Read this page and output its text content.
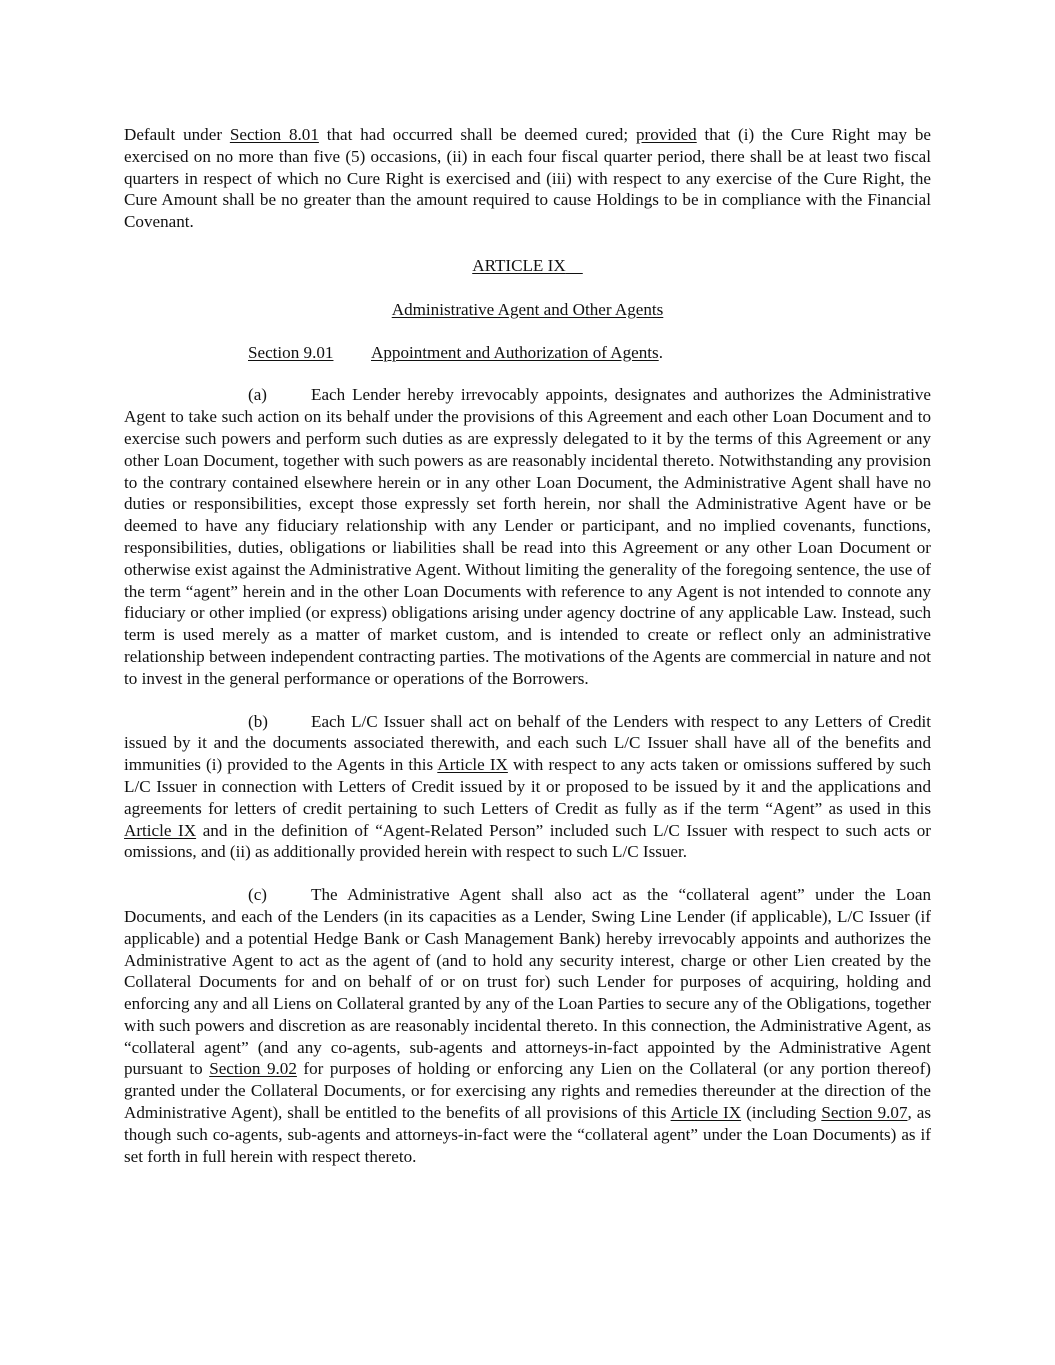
Default under Section 8.01 that had occurred shall be deemed cured; provided that (i) the Cure Right may be exercised on no more than five (5) occasions, (ii) in each four fiscal quarter period, there shall be at least two fiscal quarters in respect of which no Cure Right is exercised and (iii) with respect to any exercise of the Cure Right, the Cure Amount shall be no greater than the amount required to cause Holdings to be in compliance with the Financial Covenant.

ARTICLE IX

Administrative Agent and Other Agents

Section 9.01 Appointment and Authorization of Agents.

(a)	Each Lender hereby irrevocably appoints, designates and authorizes the Administrative Agent to take such action on its behalf under the provisions of this Agreement and each other Loan Document and to exercise such powers and perform such duties as are expressly delegated to it by the terms of this Agreement or any other Loan Document, together with such powers as are reasonably incidental thereto. Notwithstanding any provision to the contrary contained elsewhere herein or in any other Loan Document, the Administrative Agent shall have no duties or responsibilities, except those expressly set forth herein, nor shall the Administrative Agent have or be deemed to have any fiduciary relationship with any Lender or participant, and no implied covenants, functions, responsibilities, duties, obligations or liabilities shall be read into this Agreement or any other Loan Document or otherwise exist against the Administrative Agent. Without limiting the generality of the foregoing sentence, the use of the term “agent” herein and in the other Loan Documents with reference to any Agent is not intended to connote any fiduciary or other implied (or express) obligations arising under agency doctrine of any applicable Law. Instead, such term is used merely as a matter of market custom, and is intended to create or reflect only an administrative relationship between independent contracting parties. The motivations of the Agents are commercial in nature and not to invest in the general performance or operations of the Borrowers.

(b)	Each L/C Issuer shall act on behalf of the Lenders with respect to any Letters of Credit issued by it and the documents associated therewith, and each such L/C Issuer shall have all of the benefits and immunities (i) provided to the Agents in this Article IX with respect to any acts taken or omissions suffered by such L/C Issuer in connection with Letters of Credit issued by it or proposed to be issued by it and the applications and agreements for letters of credit pertaining to such Letters of Credit as fully as if the term “Agent” as used in this Article IX and in the definition of “Agent-Related Person” included such L/C Issuer with respect to such acts or omissions, and (ii) as additionally provided herein with respect to such L/C Issuer.

(c)	The Administrative Agent shall also act as the “collateral agent” under the Loan Documents, and each of the Lenders (in its capacities as a Lender, Swing Line Lender (if applicable), L/C Issuer (if applicable) and a potential Hedge Bank or Cash Management Bank) hereby irrevocably appoints and authorizes the Administrative Agent to act as the agent of (and to hold any security interest, charge or other Lien created by the Collateral Documents for and on behalf of or on trust for) such Lender for purposes of acquiring, holding and enforcing any and all Liens on Collateral granted by any of the Loan Parties to secure any of the Obligations, together with such powers and discretion as are reasonably incidental thereto. In this connection, the Administrative Agent, as “collateral agent” (and any co-agents, sub-agents and attorneys-in-fact appointed by the Administrative Agent pursuant to Section 9.02 for purposes of holding or enforcing any Lien on the Collateral (or any portion thereof) granted under the Collateral Documents, or for exercising any rights and remedies thereunder at the direction of the Administrative Agent), shall be entitled to the benefits of all provisions of this Article IX (including Section 9.07, as though such co-agents, sub-agents and attorneys-in-fact were the “collateral agent” under the Loan Documents) as if set forth in full herein with respect thereto.
